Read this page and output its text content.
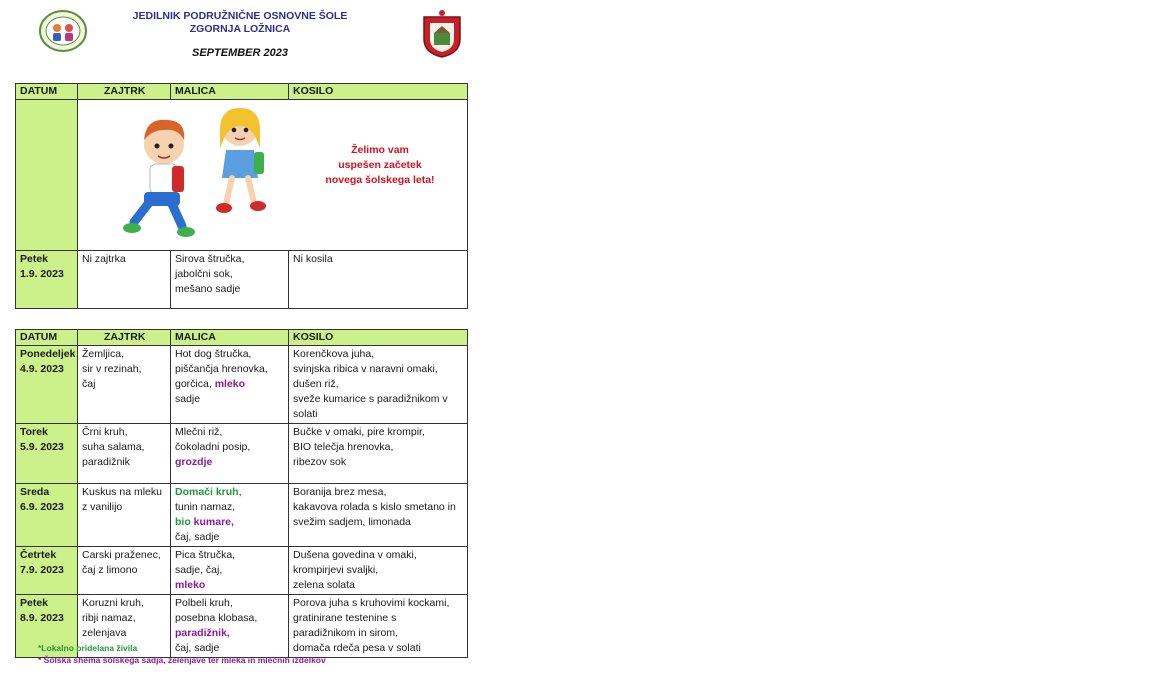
JEDILNIK PODRUŽNIČNE OSNOVNE ŠOLE
ZGORNJA LOŽNICA
SEPTEMBER 2023
DATUM	ZAJTRK	MALICA	KOSILO

	Želimo vam
uspešen začetek
novega šolskega leta!		

Petek
1.9. 2023	Ni zajtrka	Sirova štručka,
jabolčni sok,
mešano sadje	Ni kosila
DATUM	ZAJTRK	MALICA	KOSILO

Ponedeljek
4.9. 2023	Žemljica,
sir v rezinah,
čaj	Hot dog štručka,
piščančja hrenovka,
gorčica, mleko
sadje	Korenčkova juha,
svinjska ribica v naravni omaki,
dušen riž,
sveže kumarice s paradižnikom v
solati

Torek
5.9. 2023	Črni kruh,
suha salama,
paradižnik	Mlečni riž,
čokoladni posip,
grozdje	Bučke v omaki, pire krompir,
BIO telečja hrenovka,
ribezov sok

Sreda
6.9. 2023	Kuskus na mleku
z vanilijo	Domači kruh,
tunin namaz,
bio kumare,
čaj, sadje	Boranija brez mesa,
kakavova rolada s kislo smetano in
svežim sadjem, limonada

Četrtek
7.9. 2023	Carski praženec,
čaj z limono	Pica štručka,
sadje, čaj,
mleko	Dušena govedina v omaki,
krompirjevi svaljki,
zelena solata

Petek
8.9. 2023	Koruzni kruh,
ribji namaz,
zelenjava	Polbeli kruh,
posebna klobasa,
paradižnik,
čaj, sadje	Porova juha s kruhovimi kockami,
gratinirane testenine s
paradižnikom in sirom,
domača rdeča pesa v solati
*Lokalno pridelana živila
* Šolska shema šolskega sadja, zelenjave ter mleka in mlečnih izdelkov
